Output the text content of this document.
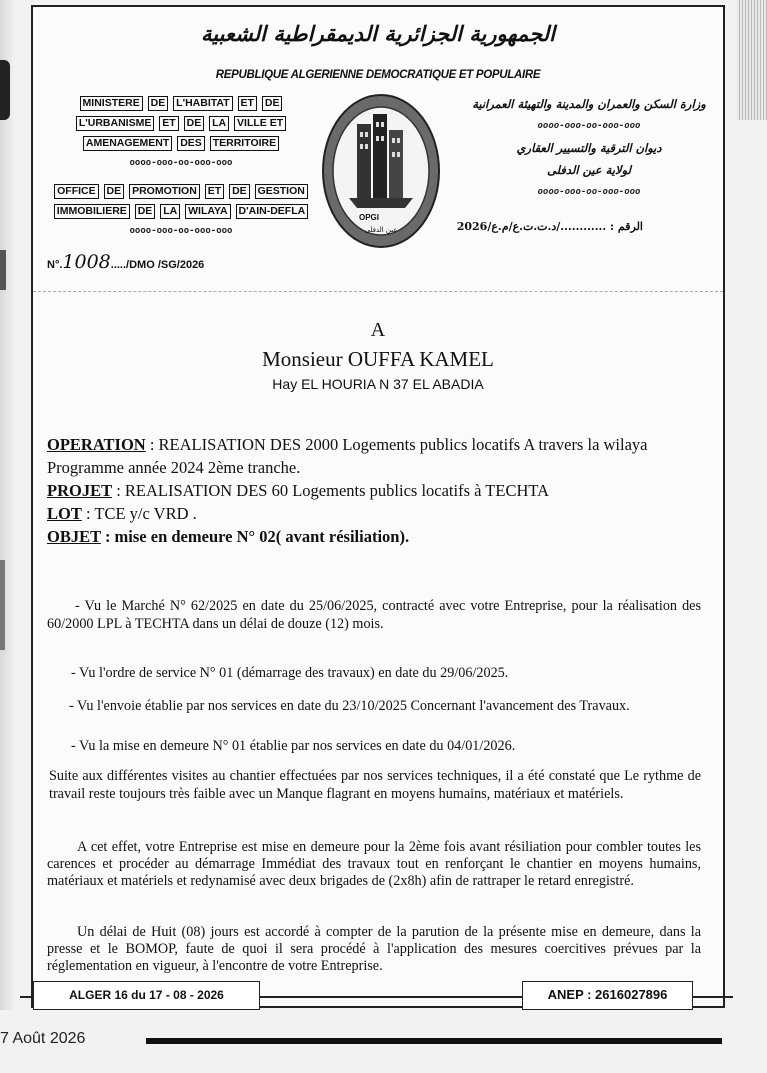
الجمهورية الجزائرية الديمقراطية الشعبية
REPUBLIQUE ALGERIENNE DEMOCRATIQUE ET POPULAIRE
MINISTERE DE L'HABITAT ET DE
L'URBANISME ET DE LA VILLE ET
AMENAGEMENT DES TERRITOIRE
oooo-ooo-oo-ooo-ooo
OFFICE DE PROMOTION ET DE GESTION
IMMOBILIERE DE LA WILAYA D'AIN-DEFLA
oooo-ooo-oo-ooo-ooo
N°.1008...../DMO /SG/2026
OPGI
عين الدفلى
وزارة السكن والعمران والمدينة والتهيئة العمرانية
oooo-ooo-oo-ooo-ooo
ديوان الترقية والتسيير العقاري
لولاية عين الدفلى
oooo-ooo-oo-ooo-ooo
الرقم : ............/د.ت.ت.ع/م.ع/2026
A
Monsieur OUFFA KAMEL
Hay EL HOURIA N 37 EL ABADIA
OPERATION : REALISATION DES 2000 Logements publics locatifs A travers la wilaya
Programme année 2024 2ème tranche.
PROJET : REALISATION DES 60 Logements publics locatifs à TECHTA
LOT : TCE y/c VRD .
OBJET : mise en demeure N° 02( avant résiliation).
- Vu le Marché N° 62/2025 en date du 25/06/2025, contracté avec votre Entreprise, pour la réalisation des 60/2000 LPL à TECHTA dans un délai de douze (12) mois.
- Vu l'ordre de service N° 01 (démarrage des travaux) en date du 29/06/2025.
- Vu l'envoie établie par nos services en date du 23/10/2025 Concernant l'avancement des Travaux.
- Vu la mise en demeure N° 01 établie par nos services en date du 04/01/2026.
Suite aux différentes visites au chantier effectuées par nos services techniques, il a été constaté que Le rythme de travail reste toujours très faible avec un Manque flagrant en moyens humains, matériaux et matériels.
A cet effet, votre Entreprise est mise en demeure pour la 2ème fois avant résiliation pour combler toutes les carences et procéder au démarrage Immédiat des travaux tout en renforçant le chantier en moyens humains, matériaux et matériels et redynamisé avec deux brigades de (2x8h) afin de rattraper le retard enregistré.
Un délai de Huit (08) jours est accordé à compter de la parution de la présente mise en demeure, dans la presse et le BOMOP, faute de quoi il sera procédé à l'application des mesures coercitives prévues par la réglementation en vigueur, à l'encontre de votre Entreprise.
ALGER 16 du 17 - 08 - 2026	ANEP : 2616027896
7 Août 2026
